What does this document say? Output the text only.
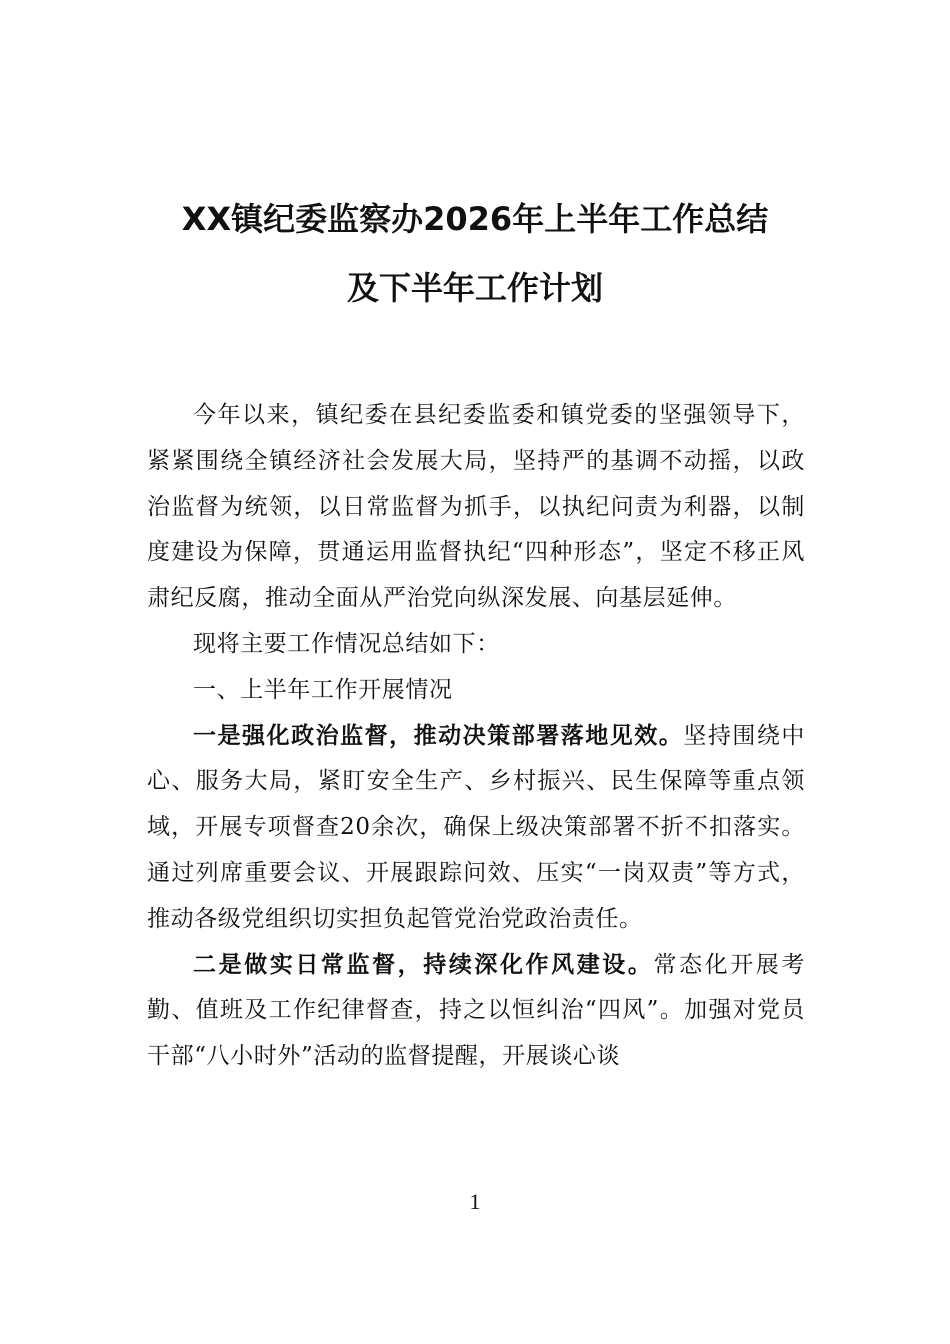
XX镇纪委监察办2026年上半年工作总结
及下半年工作计划

今年以来，镇纪委在县纪委监委和镇党委的坚强领导下，紧紧围绕全镇经济社会发展大局，坚持严的基调不动摇，以政治监督为统领，以日常监督为抓手，以执纪问责为利器，以制度建设为保障，贯通运用监督执纪“四种形态”，坚定不移正风肃纪反腐，推动全面从严治党向纵深发展、向基层延伸。

现将主要工作情况总结如下：

一、上半年工作开展情况

一是强化政治监督，推动决策部署落地见效。坚持围绕中心、服务大局，紧盯安全生产、乡村振兴、民生保障等重点领域，开展专项督查20余次，确保上级决策部署不折不扣落实。通过列席重要会议、开展跟踪问效、压实“一岗双责”等方式，推动各级党组织切实担负起管党治党政治责任。

二是做实日常监督，持续深化作风建设。常态化开展考勤、值班及工作纪律督查，持之以恒纠治“四风”。加强对党员干部“八小时外”活动的监督提醒，开展谈心谈

1
